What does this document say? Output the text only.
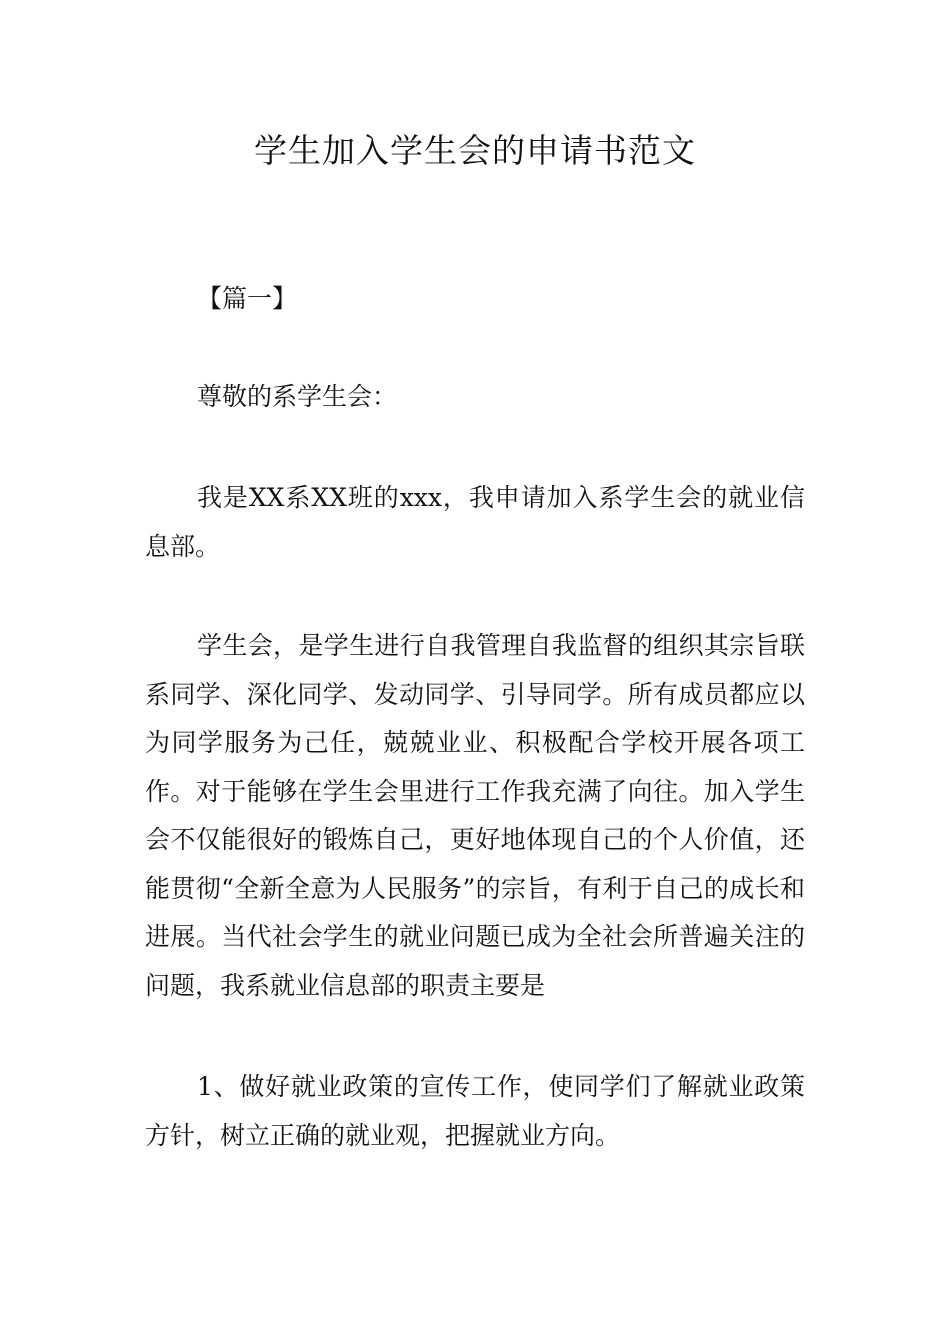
学生加入学生会的申请书范文

【篇一】

尊敬的系学生会：

我是XX系XX班的xxx，我申请加入系学生会的就业信息部。

学生会，是学生进行自我管理自我监督的组织其宗旨联系同学、深化同学、发动同学、引导同学。所有成员都应以为同学服务为己任，兢兢业业、积极配合学校开展各项工作。对于能够在学生会里进行工作我充满了向往。加入学生会不仅能很好的锻炼自己，更好地体现自己的个人价值，还能贯彻“全新全意为人民服务”的宗旨，有利于自己的成长和进展。当代社会学生的就业问题已成为全社会所普遍关注的问题，我系就业信息部的职责主要是

1、做好就业政策的宣传工作，使同学们了解就业政策方针，树立正确的就业观，把握就业方向。
